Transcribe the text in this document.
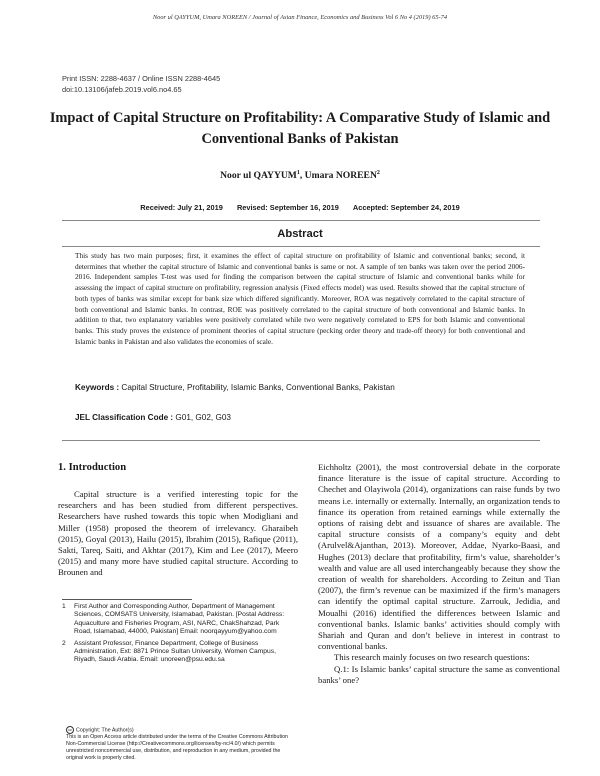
Noor ul QAYYUM, Umara NOREEN / Journal of Asian Finance, Economics and Business Vol 6 No 4 (2019) 65-74
Print ISSN: 2288-4637 / Online ISSN 2288-4645
doi:10.13106/jafeb.2019.vol6.no4.65
Impact of Capital Structure on Profitability: A Comparative Study of Islamic and
Conventional Banks of Pakistan
Noor ul QAYYUM$^1$, Umara NOREEN$^2$
Received: July 21, 2019 Revised: September 16, 2019 Accepted: September 24, 2019
Abstract
This study has two main purposes; first, it examines the effect of capital structure on profitability of Islamic and conventional banks; second, it determines that whether the capital structure of Islamic and conventional banks is same or not. A sample of ten banks was taken over the period 2006-2016. Independent samples T-test was used for finding the comparison between the capital structure of Islamic and conventional banks while for assessing the impact of capital structure on profitability, regression analysis (Fixed effects model) was used. Results showed that the capital structure of both types of banks was similar except for bank size which differed significantly. Moreover, ROA was negatively correlated to the capital structure of both conventional and Islamic banks. In contrast, ROE was positively correlated to the capital structure of both conventional and Islamic banks. In addition to that, two explanatory variables were positively correlated while two were negatively correlated to EPS for both Islamic and conventional banks. This study proves the existence of prominent theories of capital structure (pecking order theory and trade-off theory) for both conventional and Islamic banks in Pakistan and also validates the economies of scale.
Keywords : Capital Structure, Profitability, Islamic Banks, Conventional Banks, Pakistan
JEL Classification Code : G01, G02, G03
1. Introduction

Capital structure is a verified interesting topic for the researchers and has been studied from different perspectives. Researchers have rushed towards this topic when Modigliani and Miller (1958) proposed the theorem of irrelevancy. Gharaibeh (2015), Goyal (2013), Hailu (2015), Ibrahim (2015), Rafique (2011), Sakti, Tareq, Saiti, and Akhtar (2017), Kim and Lee (2017), Meero (2015) and many more have studied capital structure. According to Brounen and

Eichholtz (2001), the most controversial debate in the corporate finance literature is the issue of capital structure. According to Chechet and Olayiwola (2014), organizations can raise funds by two means i.e. internally or externally. Internally, an organization tends to finance its operation from retained earnings while externally the options of raising debt and issuance of shares are available. The capital structure consists of a company’s equity and debt (Arulvel&Ajanthan, 2013). Moreover, Addae, Nyarko-Baasi, and Hughes (2013) declare that profitability, firm’s value, shareholder’s wealth and value are all used interchangeably because they show the creation of wealth for shareholders. According to Zeitun and Tian (2007), the firm’s revenue can be maximized if the firm’s managers can identify the optimal capital structure. Zarrouk, Jedidia, and Moualhi (2016) identified the differences between Islamic and conventional banks. Islamic banks’ activities should comply with Shariah and Quran and don’t believe in interest in contrast to conventional banks.

This research mainly focuses on two research questions:

Q.1: Is Islamic banks’ capital structure the same as conventional banks’ one?

1 First Author and Corresponding Author, Department of Management Sciences, COMSATS University, Islamabad, Pakistan. [Postal Address: Aquaculture and Fisheries Program, ASI, NARC, ChakShahzad, Park Road, Islamabad, 44000, Pakistan] Email: noorqayyum@yahoo.com
2 Assistant Professor, Finance Department, College of Business Administration, Ext: 8871 Prince Sultan University, Women Campus, Riyadh, Saudi Arabia. Email: unoreen@psu.edu.sa
cc Copyright: The Author(s)
This is an Open Access article distributed under the terms of the Creative Commons Attribution Non-Commercial License (http://Creativecommons.org/licenses/by-nc/4.0/) which permits unrestricted noncommercial use, distribution, and reproduction in any medium, provided the original work is properly cited.
